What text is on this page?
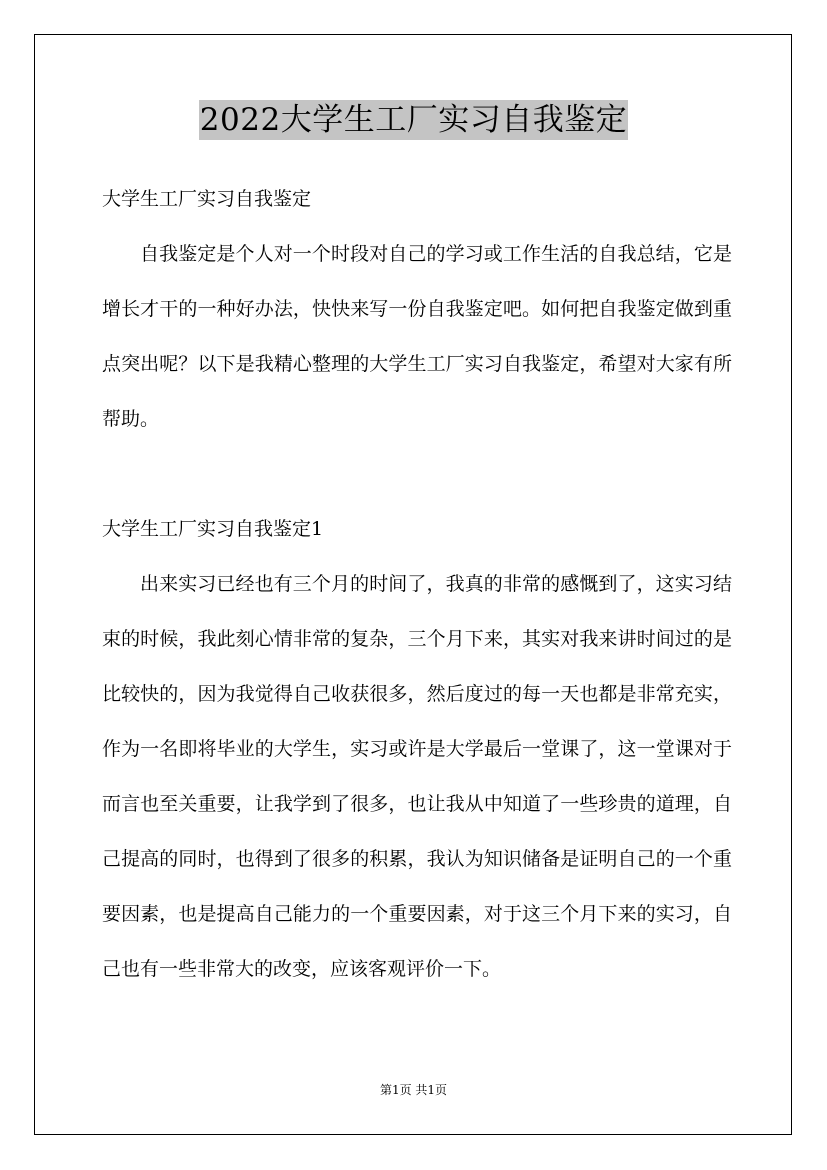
2022大学生工厂实习自我鉴定

大学生工厂实习自我鉴定

自我鉴定是个人对一个时段对自己的学习或工作生活的自我总结，它是增长才干的一种好办法，快快来写一份自我鉴定吧。如何把自我鉴定做到重点突出呢？以下是我精心整理的大学生工厂实习自我鉴定，希望对大家有所帮助。

大学生工厂实习自我鉴定1

出来实习已经也有三个月的时间了，我真的非常的感慨到了，这实习结束的时候，我此刻心情非常的复杂，三个月下来，其实对我来讲时间过的是比较快的，因为我觉得自己收获很多，然后度过的每一天也都是非常充实，作为一名即将毕业的大学生，实习或许是大学最后一堂课了，这一堂课对于而言也至关重要，让我学到了很多，也让我从中知道了一些珍贵的道理，自己提高的同时，也得到了很多的积累，我认为知识储备是证明自己的一个重要因素，也是提高自己能力的一个重要因素，对于这三个月下来的实习，自己也有一些非常大的改变，应该客观评价一下。

第1页 共1页
